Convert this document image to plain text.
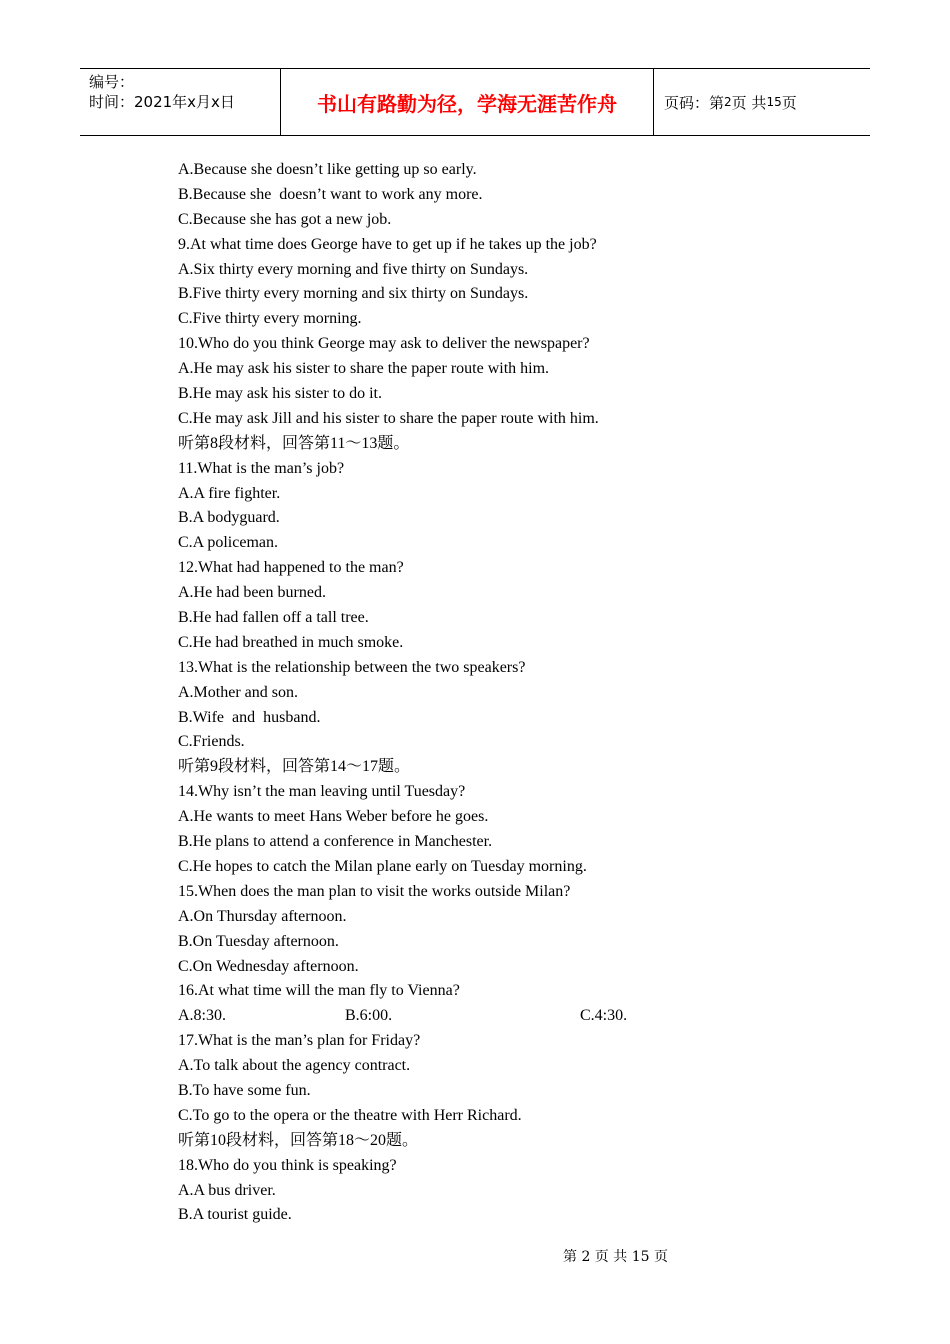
编号：
时间：2021年x月x日	书山有路勤为径，学海无涯苦作舟	页码：第 2 页 共 15 页
A.Because she doesn’t like getting up so early.
B.Because she  doesn’t want to work any more.
C.Because she has got a new job.
9.At what time does George have to get up if he takes up the job?
A.Six thirty every morning and five thirty on Sundays.
B.Five thirty every morning and six thirty on Sundays.
C.Five thirty every morning.
10.Who do you think George may ask to deliver the newspaper?
A.He may ask his sister to share the paper route with him.
B.He may ask his sister to do it.
C.He may ask Jill and his sister to share the paper route with him.
听第8段材料，回答第11～13题。
11.What is the man’s job?
A.A fire fighter.
B.A bodyguard.
C.A policeman.
12.What had happened to the man?
A.He had been burned.
B.He had fallen off a tall tree.
C.He had breathed in much smoke.
13.What is the relationship between the two speakers?
A.Mother and son.
B.Wife  and  husband.
C.Friends.
听第9段材料，回答第14～17题。
14.Why isn’t the man leaving until Tuesday?
A.He wants to meet Hans Weber before he goes.
B.He plans to attend a conference in Manchester.
C.He hopes to catch the Milan plane early on Tuesday morning.
15.When does the man plan to visit the works outside Milan?
A.On Thursday afternoon.
B.On Tuesday afternoon.
C.On Wednesday afternoon.
16.At what time will the man fly to Vienna?
A.8:30.	B.6:00.	C.4:30.
17.What is the man’s plan for Friday?
A.To talk about the agency contract.
B.To have some fun.
C.To go to the opera or the theatre with Herr Richard.
听第10段材料，回答第18～20题。
18.Who do you think is speaking?
A.A bus driver.
B.A tourist guide.
第 2 页 共 15 页
